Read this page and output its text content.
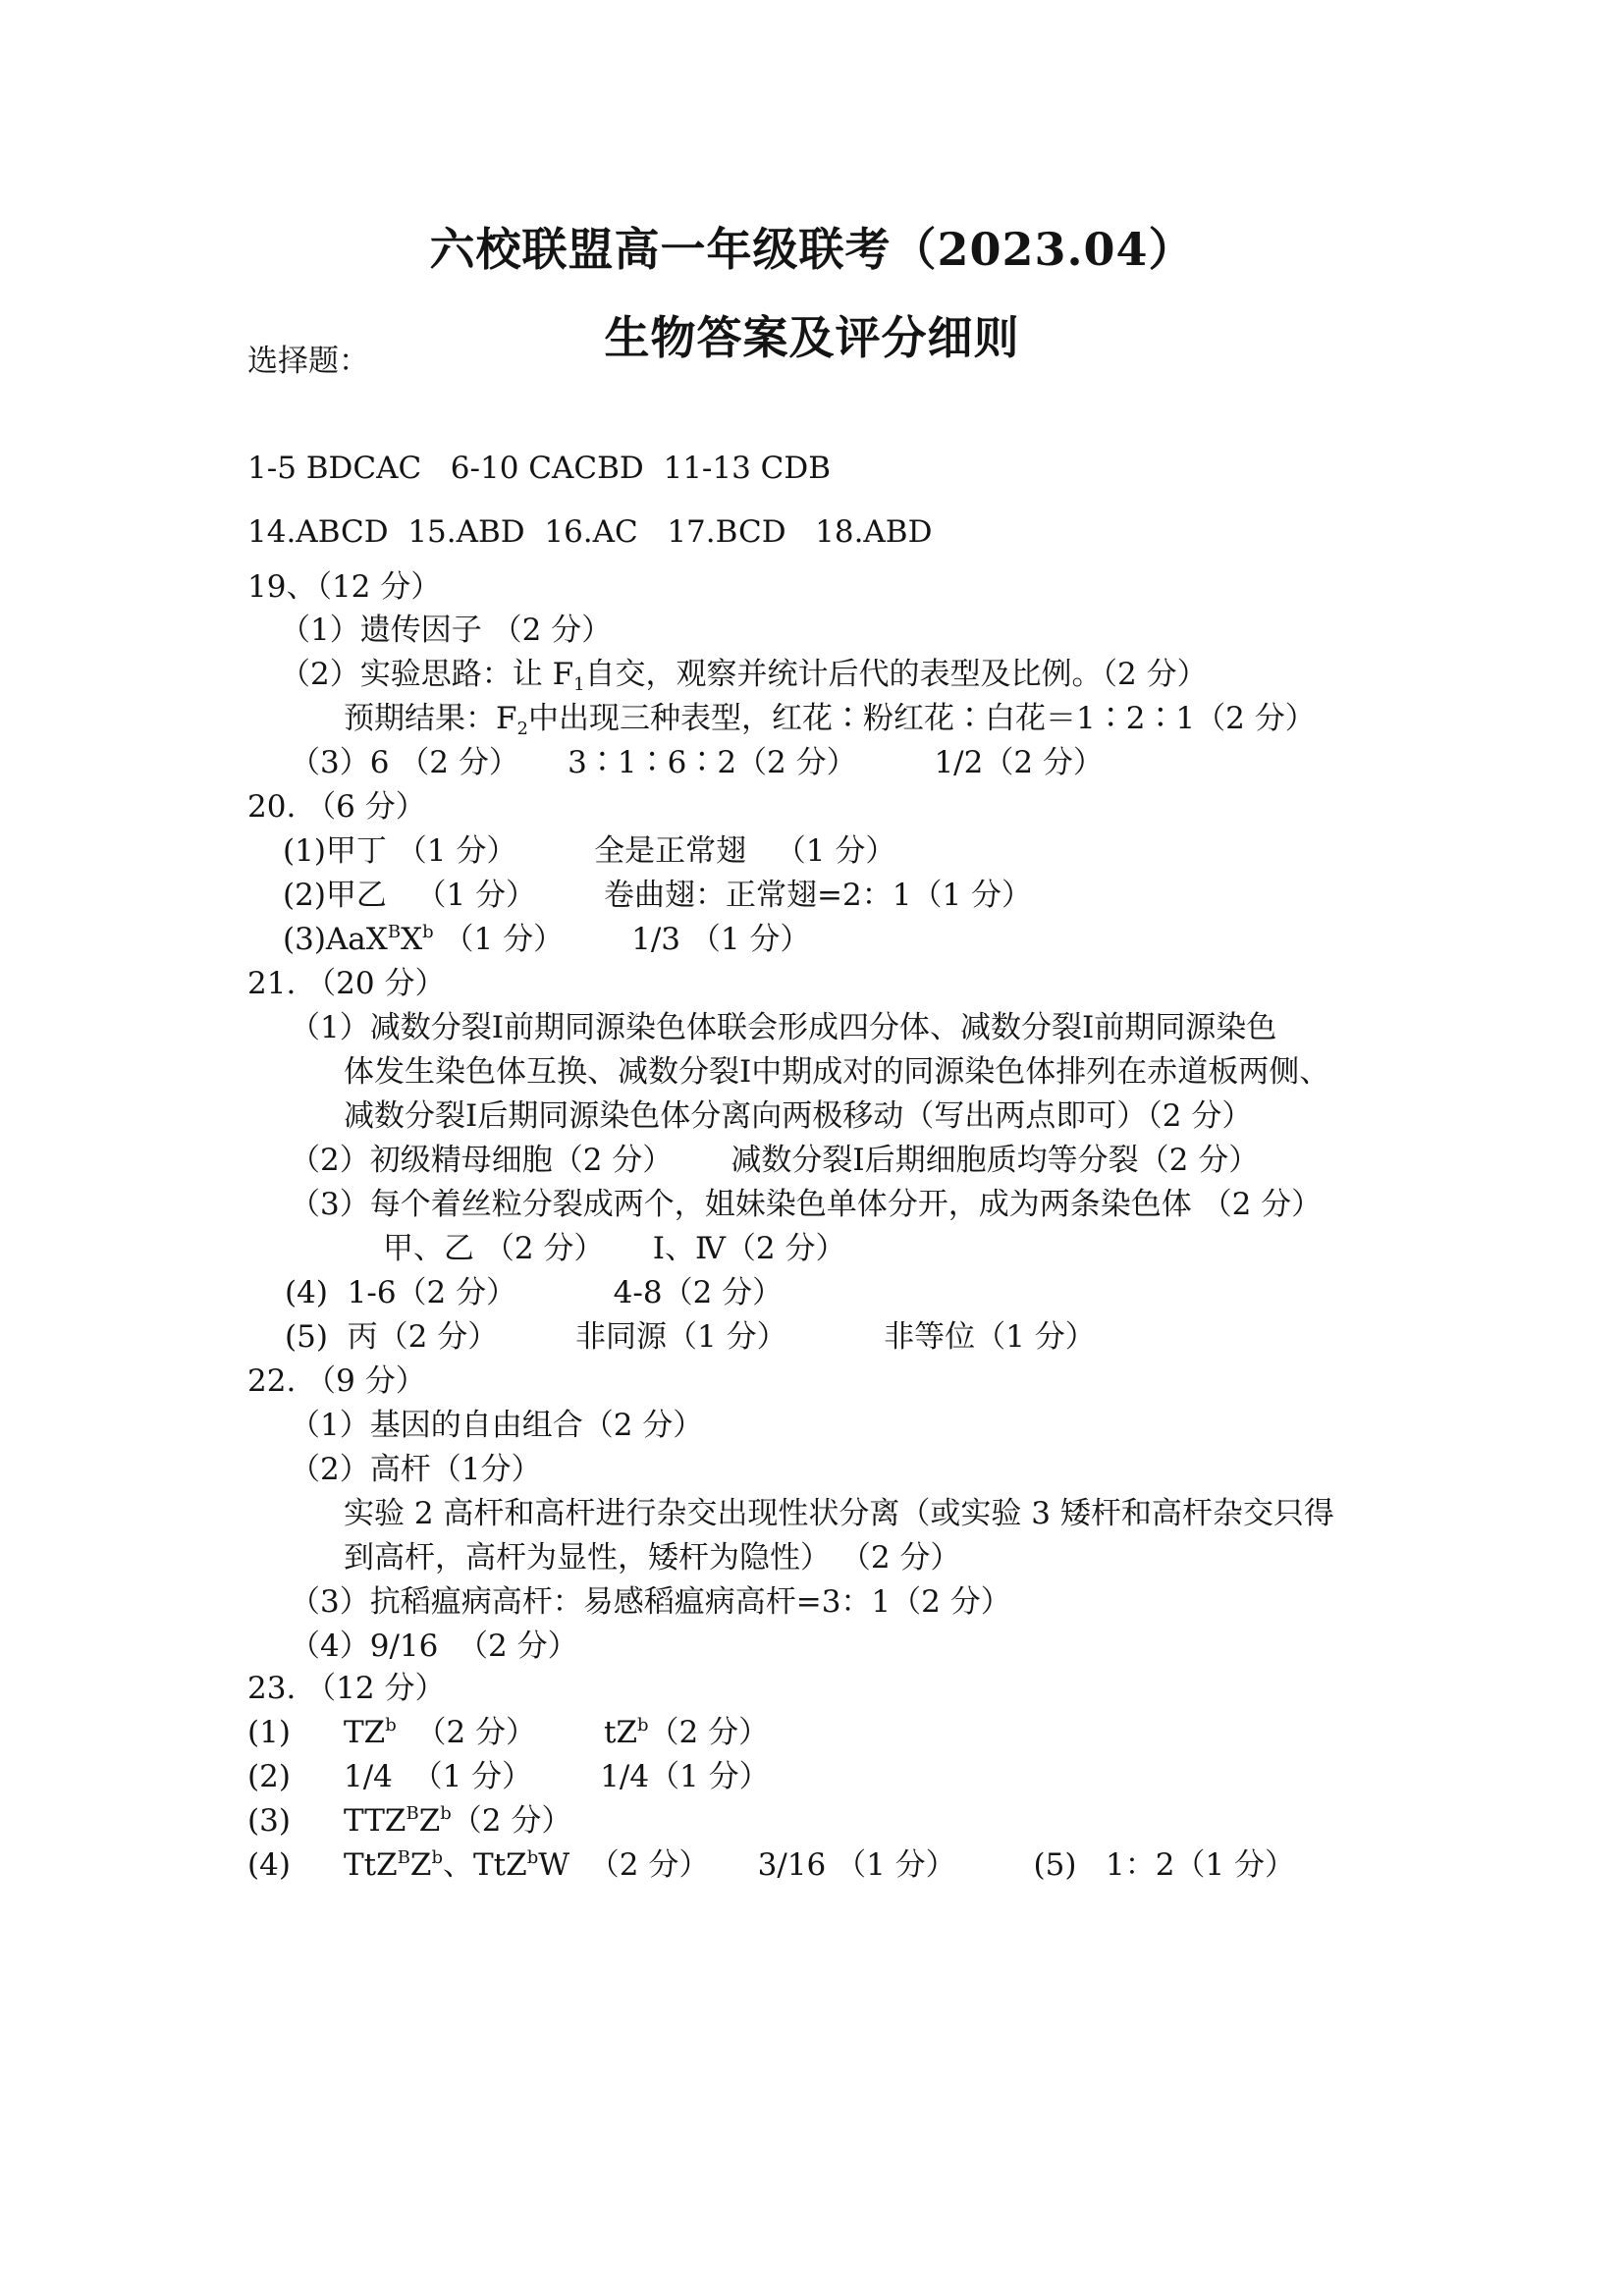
六校联盟高一年级联考（2023.04）
生物答案及评分细则
选择题：
1-5 BDCAC   6-10 CACBD  11-13 CDB
14.ABCD  15.ABD  16.AC   17.BCD   18.ABD
19、（12 分）
（1）遗传因子 （2 分）
（2）实验思路：让 $F_1$自交，观察并统计后代的表型及比例。（2 分）
预期结果：$F_2$中出现三种表型，红花∶粉红花∶白花＝1∶2∶1（2 分）
（3）6 （2 分）     3∶1∶6∶2（2 分）        1/2（2 分）
20. （6 分）
(1)甲丁 （1 分）        全是正常翅   （1 分）
(2)甲乙   （1 分）       卷曲翅：正常翅=2：1（1 分）
$(3)AaX^BX^b$ （1 分）       1/3 （1 分）
21. （20 分）
（1）减数分裂Ⅰ前期同源染色体联会形成四分体、减数分裂Ⅰ前期同源染色
体发生染色体互换、减数分裂Ⅰ中期成对的同源染色体排列在赤道板两侧、
减数分裂Ⅰ后期同源染色体分离向两极移动（写出两点即可）（2 分）
（2）初级精母细胞（2 分）      减数分裂Ⅰ后期细胞质均等分裂（2 分）
（3）每个着丝粒分裂成两个，姐妹染色单体分开，成为两条染色体 （2 分）
甲、乙 （2 分）     Ⅰ、Ⅳ（2 分）
(4)  1-6（2 分）          4-8（2 分）
(5)  丙（2 分）        非同源（1 分）          非等位（1 分）
22. （9 分）
（1）基因的自由组合（2 分）
（2）高杆（1分）
实验 2 高杆和高杆进行杂交出现性状分离（或实验 3 矮杆和高杆杂交只得
到高杆，高杆为显性，矮杆为隐性） （2 分）
（3）抗稻瘟病高杆：易感稻瘟病高杆=3：1（2 分）
（4）9/16  （2 分）
23. （12 分）
(1) $TZ^b$  （2 分）       $tZ^b(2$ 分）
(2) 1/4  （1 分）       1/4（1 分）
(3) $TTZ^BZ^b(2$ 分）
(4) $TtZ^BZ^b$、TtZ$^b$W  （2 分）     3/16 （1 分）        (5)   1：2（1 分）
